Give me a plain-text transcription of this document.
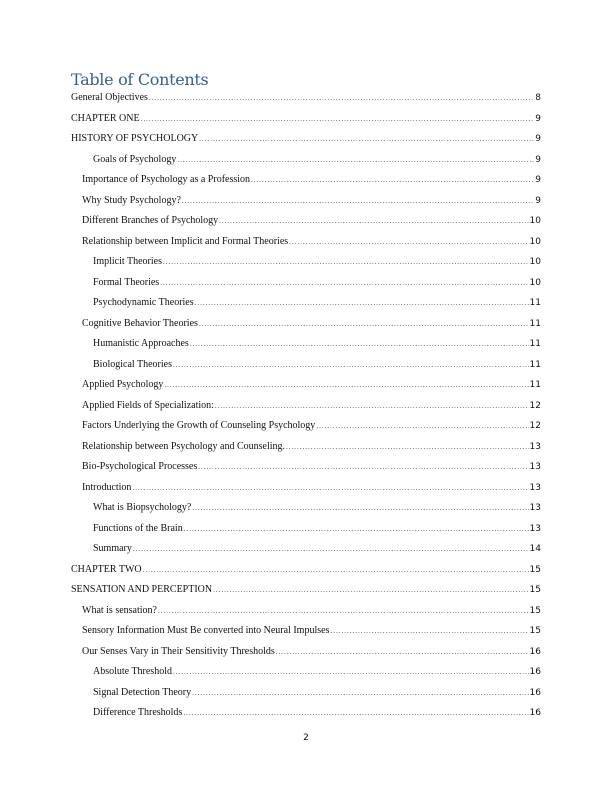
Table of Contents
General Objectives .....	8
CHAPTER ONE .....	9
HISTORY OF PSYCHOLOGY .....	9
Goals of Psychology .....	9
Importance of Psychology as a Profession .....	9
Why Study Psychology? .....	9
Different Branches of Psychology .....	10
Relationship between Implicit and Formal Theories .....	10
Implicit Theories .....	10
Formal Theories .....	10
Psychodynamic Theories .....	11
Cognitive Behavior Theories .....	11
Humanistic Approaches .....	11
Biological Theories .....	11
Applied Psychology .....	11
Applied Fields of Specialization: .....	12
Factors Underlying the Growth of Counseling Psychology .....	12
Relationship between Psychology and Counseling. .....	13
Bio-Psychological Processes .....	13
Introduction .....	13
What is Biopsychology? .....	13
Functions of the Brain .....	13
Summary .....	14
CHAPTER TWO .....	15
SENSATION AND PERCEPTION .....	15
What is sensation? .....	15
Sensory Information Must Be converted into Neural Impulses .....	15
Our Senses Vary in Their Sensitivity Thresholds .....	16
Absolute Threshold .....	16
Signal Detection Theory .....	16
Difference Thresholds .....	16
2
